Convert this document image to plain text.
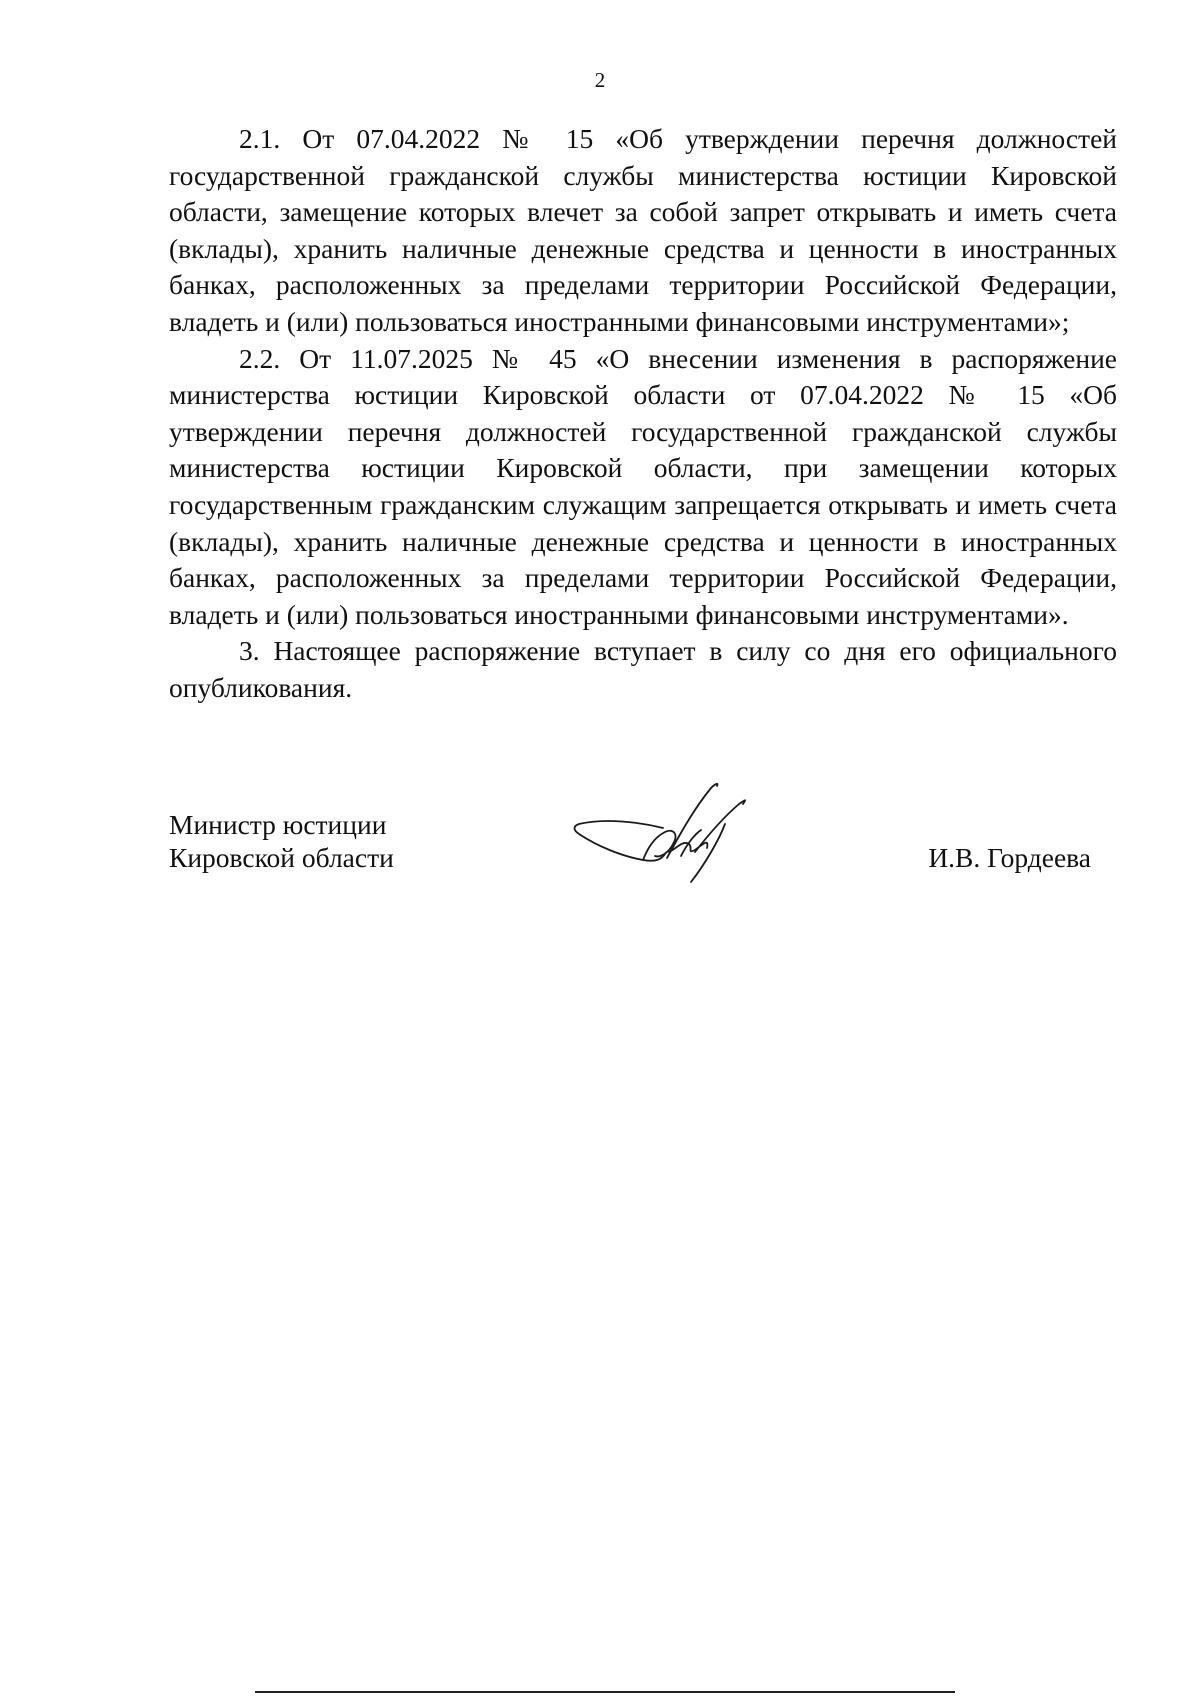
2

2.1. От 07.04.2022 № 15 «Об утверждении перечня должностей государственной гражданской службы министерства юстиции Кировской области, замещение которых влечет за собой запрет открывать и иметь счета (вклады), хранить наличные денежные средства и ценности в иностранных банках, расположенных за пределами территории Российской Федерации, владеть и (или) пользоваться иностранными финансовыми инструментами»;

2.2. От 11.07.2025 № 45 «О внесении изменения в распоряжение министерства юстиции Кировской области от 07.04.2022 № 15 «Об утверждении перечня должностей государственной гражданской службы министерства юстиции Кировской области, при замещении которых государственным гражданским служащим запрещается открывать и иметь счета (вклады), хранить наличные денежные средства и ценности в иностранных банках, расположенных за пределами территории Российской Федерации, владеть и (или) пользоваться иностранными финансовыми инструментами».

3. Настоящее распоряжение вступает в силу со дня его официального опубликования.

Министр юстиции
Кировской области	И.В. Гордеева
